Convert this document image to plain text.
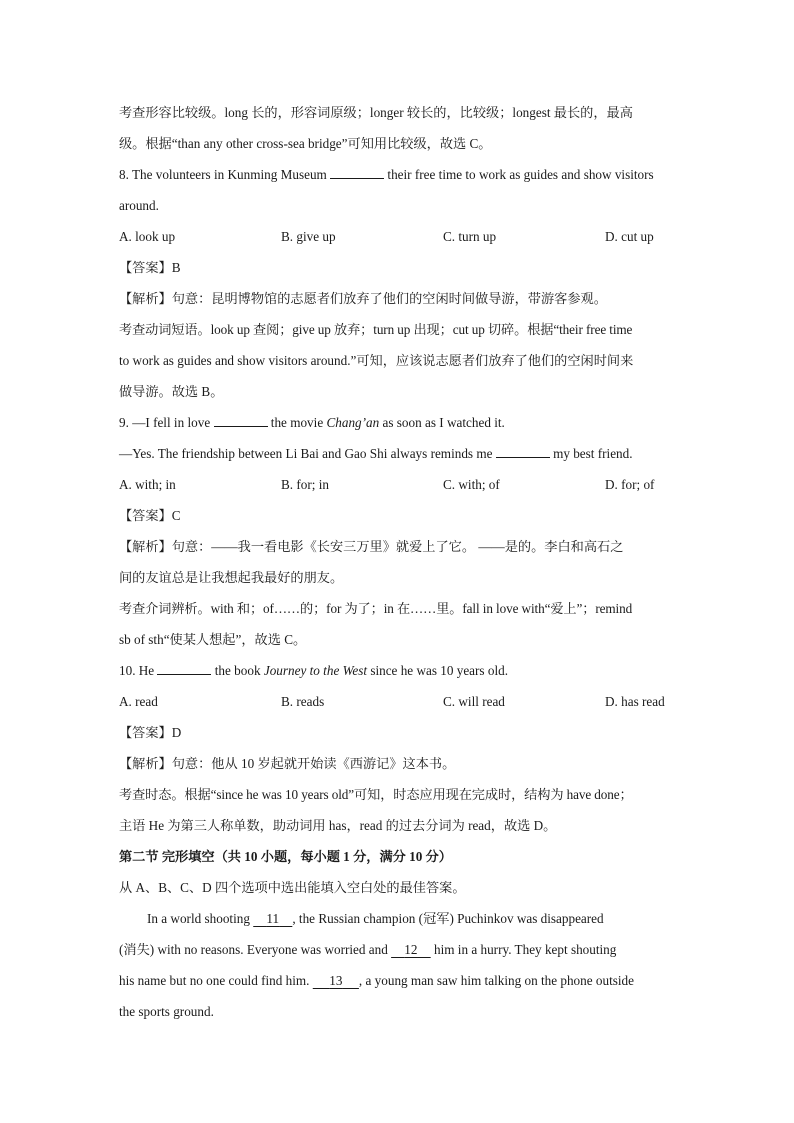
考查形容比较级。long 长的，形容词原级；longer 较长的，比较级；longest 最长的，最高
级。根据“than any other cross-sea bridge”可知用比较级，故选 C。
8. The volunteers in Kunming Museum	their free time to work as guides and show visitors
around.
A. look up	B. give up	C. turn up	D. cut up
【答案】B
【解析】句意：昆明博物馆的志愿者们放弃了他们的空闲时间做导游，带游客参观。
考查动词短语。look up 查阅；give up 放弃；turn up 出现；cut up 切碎。根据“their free time
to work as guides and show visitors around.”可知，应该说志愿者们放弃了他们的空闲时间来
做导游。故选 B。
9. —I fell in love	the movie Chang’an as soon as I watched it.
—Yes. The friendship between Li Bai and Gao Shi always reminds me	my best friend.
A. with; in	B. for; in	C. with; of	D. for; of
【答案】C
【解析】句意：——我一看电影《长安三万里》就爱上了它。 ——是的。李白和高石之
间的友谊总是让我想起我最好的朋友。
考查介词辨析。with 和；of……的；for 为了；in 在……里。fall in love with“爱上”；remind
sb of sth“使某人想起”，故选 C。
10. He	the book Journey to the West since he was 10 years old.
A. read	B. reads	C. will read	D. has read
【答案】D
【解析】句意：他从 10 岁起就开始读《西游记》这本书。
考查时态。根据“since he was 10 years old”可知，时态应用现在完成时，结构为 have done；
主语 He 为第三人称单数，助动词用 has，read 的过去分词为 read，故选 D。
第二节 完形填空（共 10 小题，每小题 1 分，满分 10 分）
从 A、B、C、D 四个选项中选出能填入空白处的最佳答案。
In a world shooting 11 , the Russian champion (冠军) Puchinkov was disappeared
(消失) with no reasons. Everyone was worried and 12 him in a hurry. They kept shouting
his name but no one could find him. 13 , a young man saw him talking on the phone outside
the sports ground.
